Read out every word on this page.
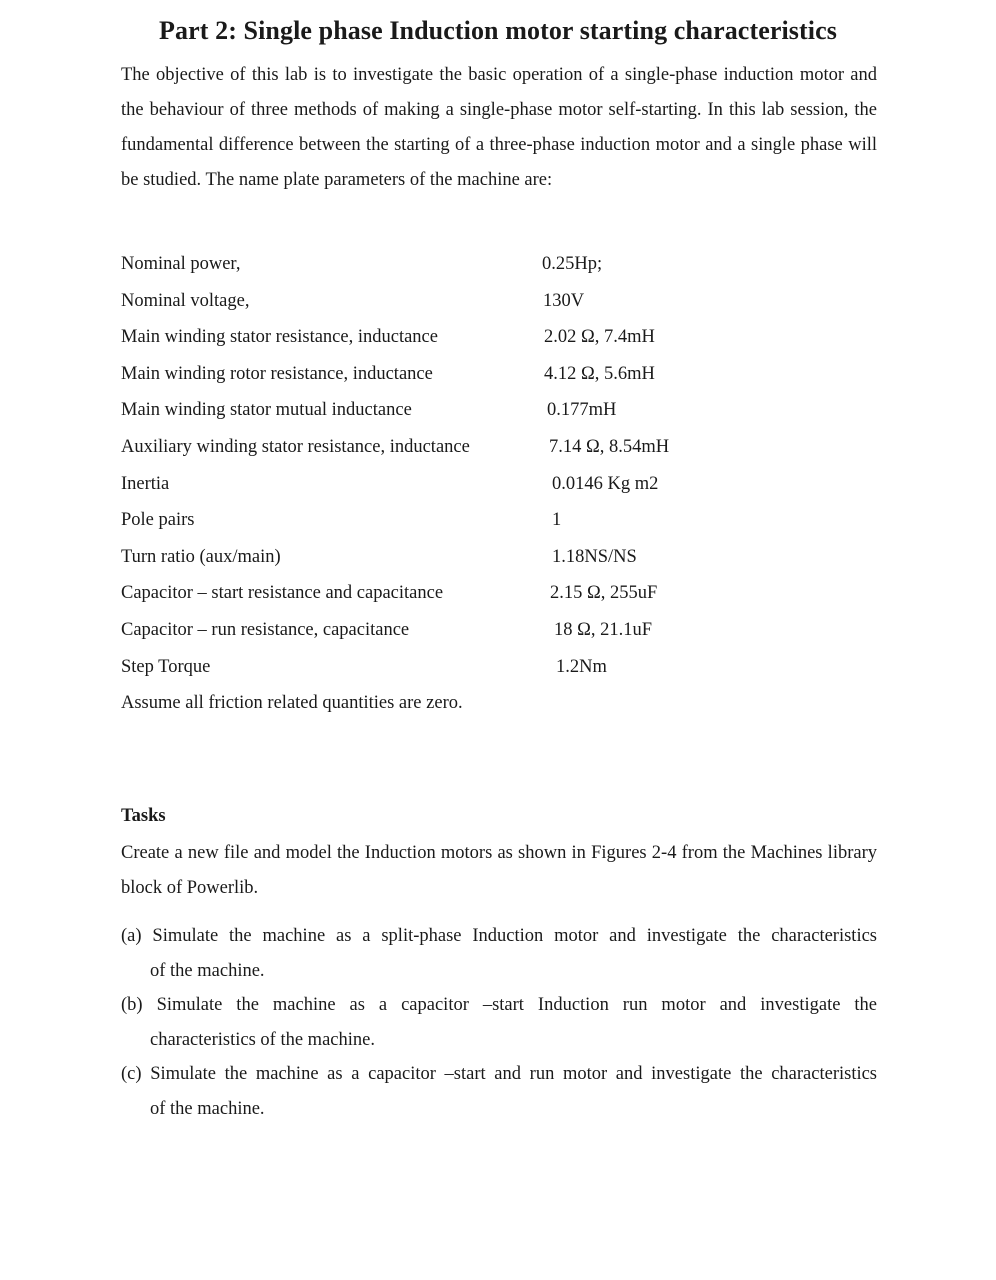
Part 2: Single phase Induction motor starting characteristics

The objective of this lab is to investigate the basic operation of a single-phase induction motor and the behaviour of three methods of making a single-phase motor self-starting. In this lab session, the fundamental difference between the starting of a three-phase induction motor and a single phase will be studied. The name plate parameters of the machine are:

Nominal power,	0.25Hp;
Nominal voltage,	130V
Main winding stator resistance, inductance	2.02 Ω, 7.4mH
Main winding rotor resistance, inductance	4.12 Ω, 5.6mH
Main winding stator mutual inductance	0.177mH
Auxiliary winding stator resistance, inductance	7.14 Ω, 8.54mH
Inertia	0.0146 Kg m2
Pole pairs	1
Turn ratio (aux/main)	1.18NS/NS
Capacitor – start resistance and capacitance	2.15 Ω, 255uF
Capacitor – run resistance, capacitance	18 Ω, 21.1uF
Step Torque	1.2Nm
Assume all friction related quantities are zero.
Tasks

Create a new file and model the Induction motors as shown in Figures 2-4 from the Machines library block of Powerlib.

(a) Simulate the machine as a split-phase Induction motor and investigate the characteristics
of the machine.
(b) Simulate the machine as a capacitor –start Induction run motor and investigate the
characteristics of the machine.
(c) Simulate the machine as a capacitor –start and run motor and investigate the characteristics
of the machine.
